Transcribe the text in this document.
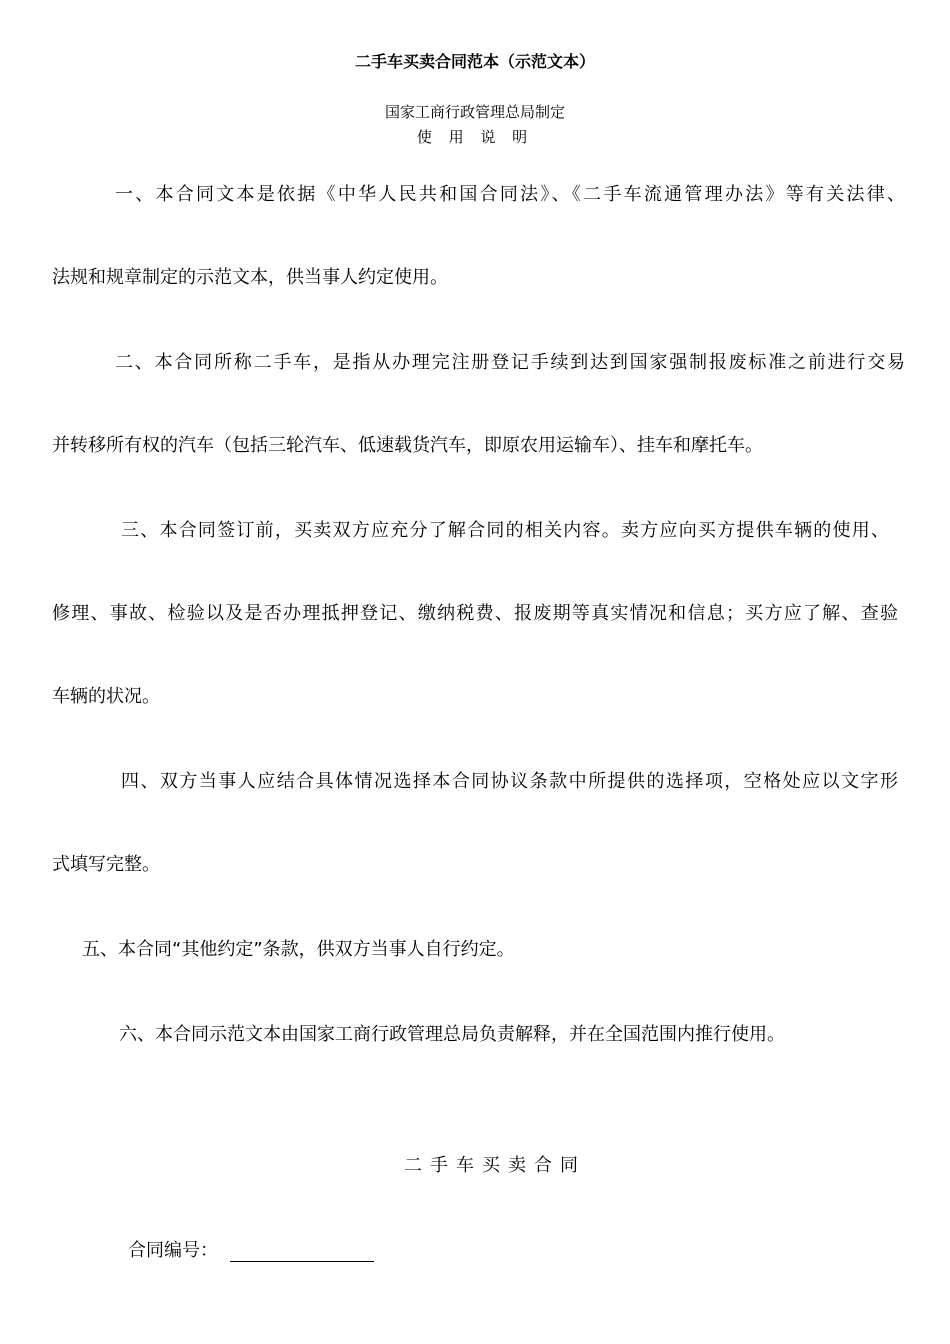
二手车买卖合同范本（示范文本）
国家工商行政管理总局制定
使 用 说 明
一、本合同文本是依据《中华人民共和国合同法》、《二手车流通管理办法》等有关法律、
法规和规章制定的示范文本，供当事人约定使用。
二、本合同所称二手车，是指从办理完注册登记手续到达到国家强制报废标准之前进行交易
并转移所有权的汽车（包括三轮汽车、低速载货汽车，即原农用运输车）、挂车和摩托车。
三、本合同签订前，买卖双方应充分了解合同的相关内容。卖方应向买方提供车辆的使用、
修理、事故、检验以及是否办理抵押登记、缴纳税费、报废期等真实情况和信息；买方应了解、查验
车辆的状况。
四、双方当事人应结合具体情况选择本合同协议条款中所提供的选择项，空格处应以文字形
式填写完整。
五、本合同“其他约定”条款，供双方当事人自行约定。
六、本合同示范文本由国家工商行政管理总局负责解释，并在全国范围内推行使用。
二手车买卖合同
合同编号：
